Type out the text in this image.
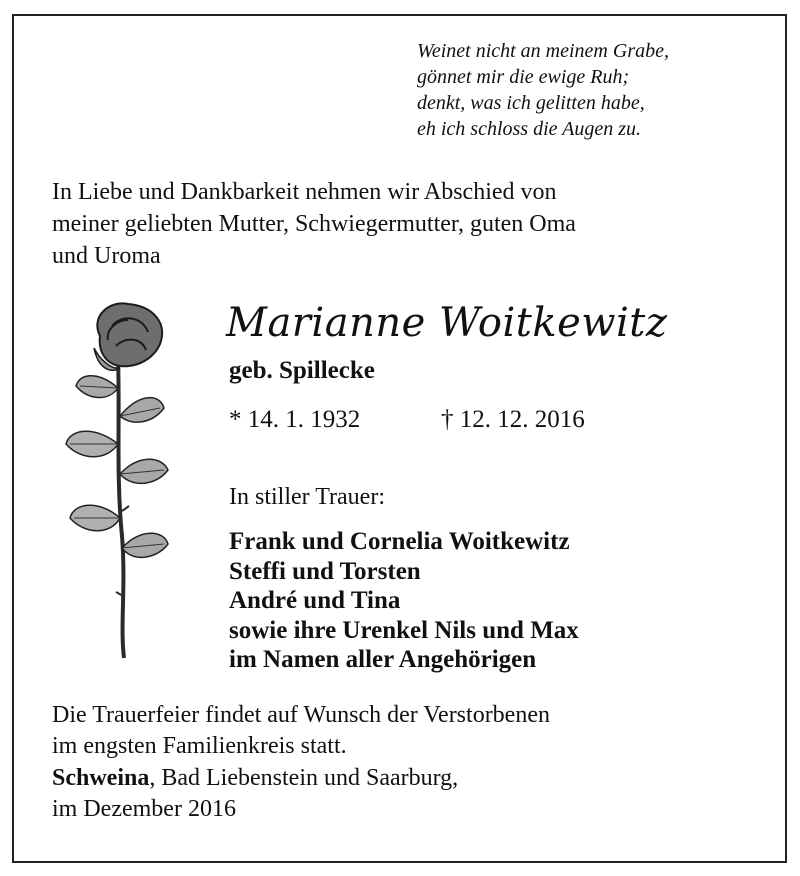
Weinet nicht an meinem Grabe,
gönnet mir die ewige Ruh;
denkt, was ich gelitten habe,
eh ich schloss die Augen zu.
In Liebe und Dankbarkeit nehmen wir Abschied von
meiner geliebten Mutter, Schwiegermutter, guten Oma
und Uroma
Marianne Woitkewitz
geb. Spillecke
* 14. 1. 1932	† 12. 12. 2016
In stiller Trauer:
Frank und Cornelia Woitkewitz
Steffi und Torsten
André und Tina
sowie ihre Urenkel Nils und Max
im Namen aller Angehörigen
Die Trauerfeier findet auf Wunsch der Verstorbenen
im engsten Familienkreis statt.
Schweina, Bad Liebenstein und Saarburg,
im Dezember 2016
